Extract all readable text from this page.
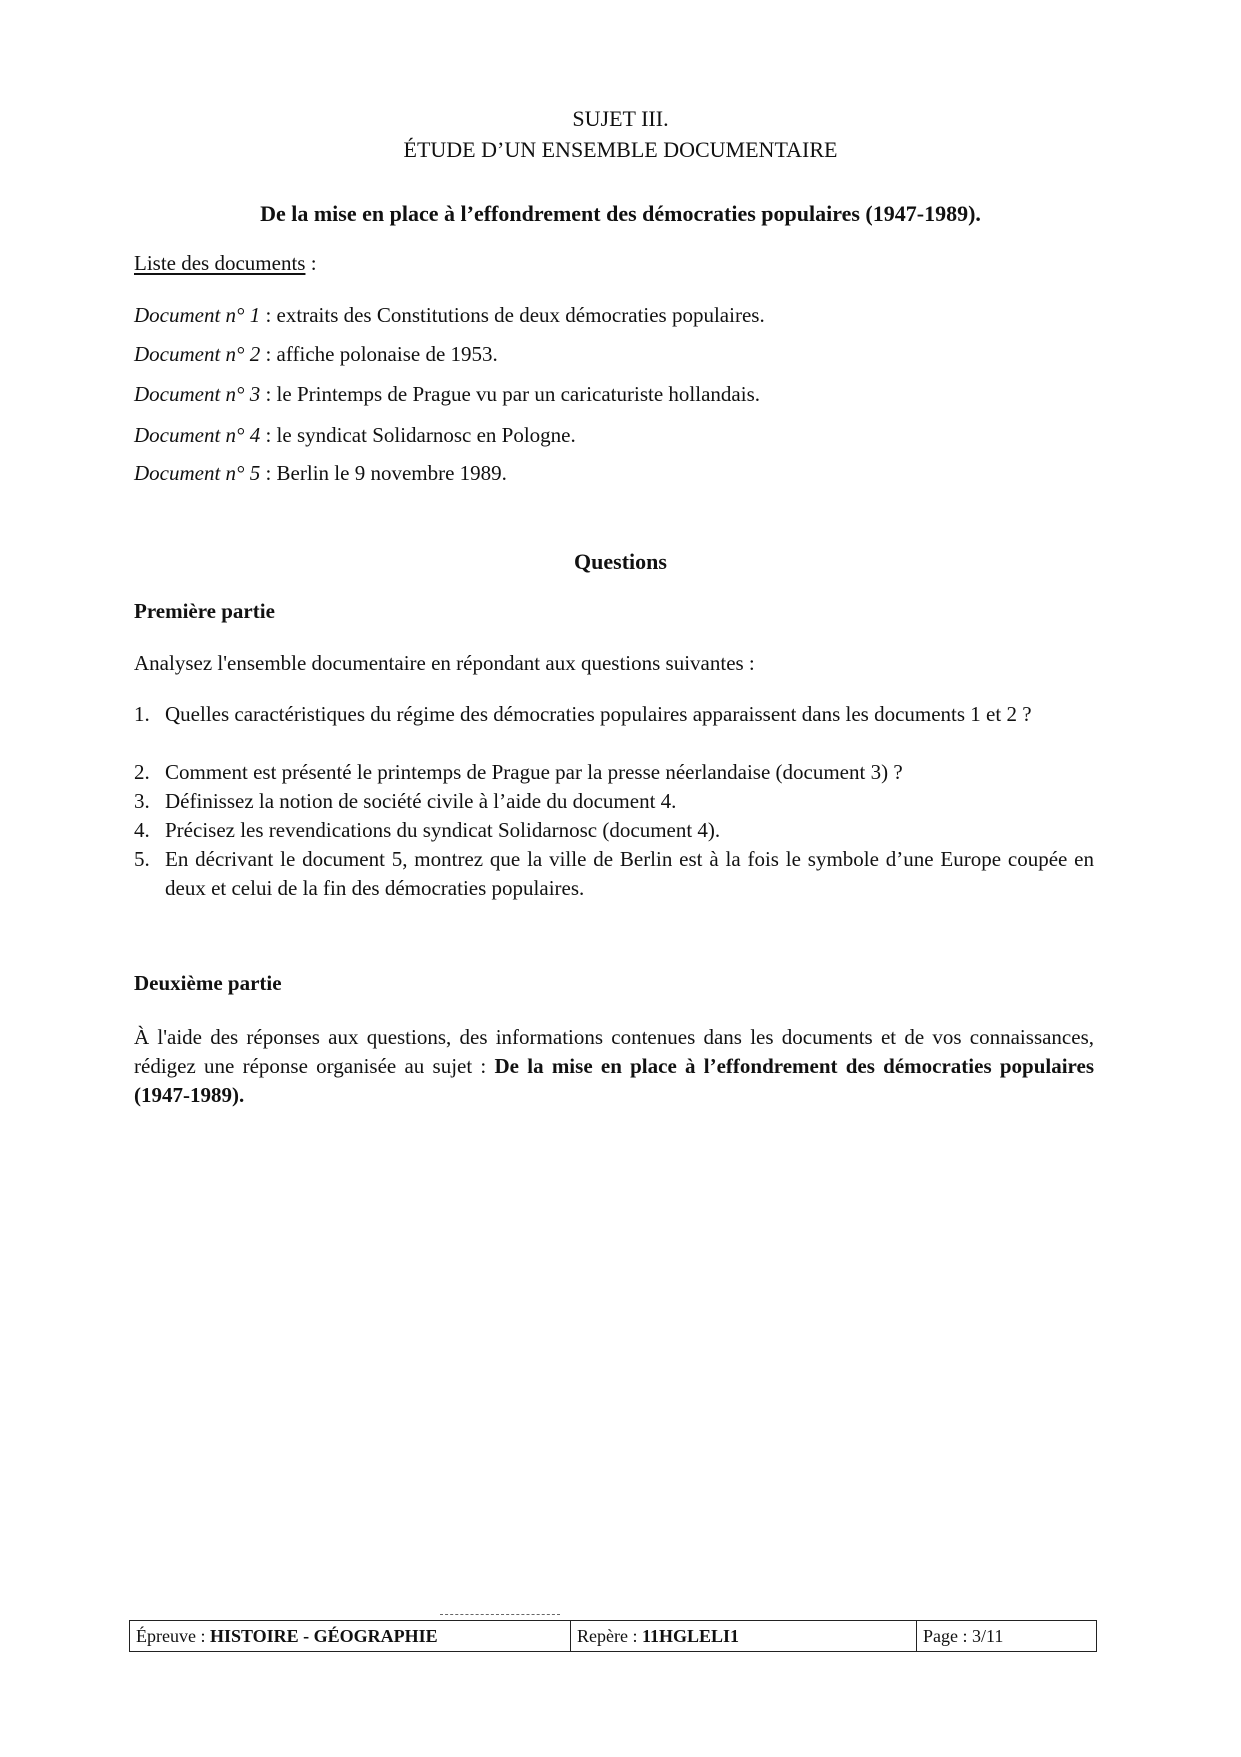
SUJET III.
ÉTUDE D’UN ENSEMBLE DOCUMENTAIRE
De la mise en place à l’effondrement des démocraties populaires (1947-1989).
Liste des documents :
Document n° 1 : extraits des Constitutions de deux démocraties populaires.
Document n° 2 : affiche polonaise de 1953.
Document n° 3 : le Printemps de Prague vu par un caricaturiste hollandais.
Document n° 4 : le syndicat Solidarnosc en Pologne.
Document n° 5 : Berlin le 9 novembre 1989.
Questions
Première partie
Analysez l'ensemble documentaire en répondant aux questions suivantes :
1. Quelles caractéristiques du régime des démocraties populaires apparaissent dans les documents 1 et 2 ?
2. Comment est présenté le printemps de Prague par la presse néerlandaise (document 3) ?
3. Définissez la notion de société civile à l’aide du document 4.
4. Précisez les revendications du syndicat Solidarnosc (document 4).
5. En décrivant le document 5, montrez que la ville de Berlin est à la fois le symbole d’une Europe coupée en deux et celui de la fin des démocraties populaires.
Deuxième partie
À l'aide des réponses aux questions, des informations contenues dans les documents et de vos connaissances, rédigez une réponse organisée au sujet : De la mise en place à l’effondrement des démocraties populaires (1947-1989).
Épreuve : HISTOIRE - GÉOGRAPHIE	Repère : 11HGLELI1	Page : 3/11
